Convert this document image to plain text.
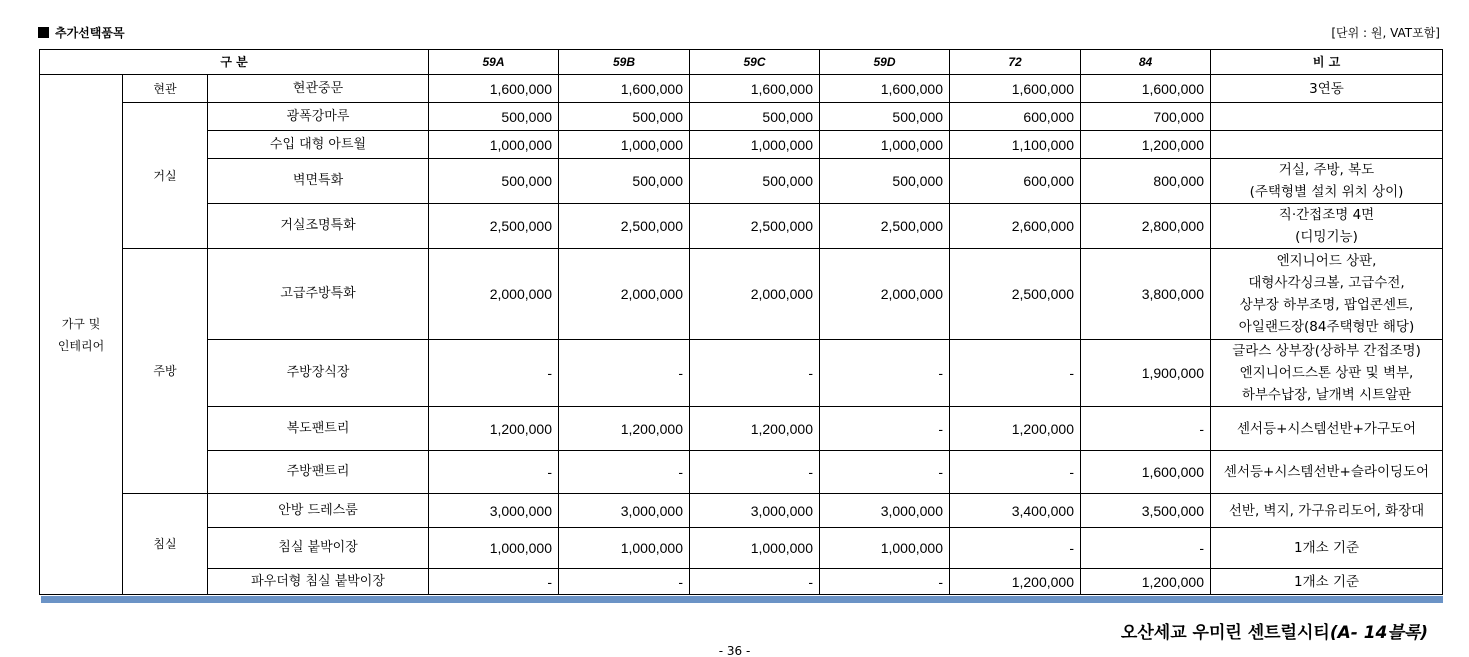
추가선택품목	[단위 : 원, VAT포함]
구 분			59A	59B	59C	59D	72	84	비 고

가구 및
인테리어	현관	현관중문	1,600,000	1,600,000	1,600,000	1,600,000	1,600,000	1,600,000	3연동

	거실	광폭강마루	500,000	500,000	500,000	500,000	600,000	700,000	
		수입 대형 아트월	1,000,000	1,000,000	1,000,000	1,000,000	1,100,000	1,200,000	
		벽면특화	500,000	500,000	500,000	500,000	600,000	800,000	거실, 주방, 복도
(주택형별 설치 위치 상이)

		거실조명특화	2,500,000	2,500,000	2,500,000	2,500,000	2,600,000	2,800,000	직·간접조명 4면
(디밍기능)

	주방	고급주방특화	2,000,000	2,000,000	2,000,000	2,000,000	2,500,000	3,800,000	엔지니어드 상판,
대형사각싱크볼, 고급수전,
상부장 하부조명, 팝업콘센트,
아일랜드장(84주택형만 해당)

		주방장식장	-	-	-	-	-	1,900,000	글라스 상부장(상하부 간접조명)
엔지니어드스톤 상판 및 벽부,
하부수납장, 날개벽 시트알판

		복도팬트리	1,200,000	1,200,000	1,200,000	-	1,200,000	-	센서등+시스템선반+가구도어

		주방팬트리	-	-	-	-	-	1,600,000	센서등+시스템선반+슬라이딩도어

	침실	안방 드레스룸	3,000,000	3,000,000	3,000,000	3,000,000	3,400,000	3,500,000	선반, 벽지, 가구유리도어, 화장대

		침실 붙박이장	1,000,000	1,000,000	1,000,000	1,000,000	-	-	1개소 기준

		파우더형 침실 붙박이장	-	-	-	-	1,200,000	1,200,000	1개소 기준
오산세교 우미린 센트럴시티(A- 14블록)
- 36 -
